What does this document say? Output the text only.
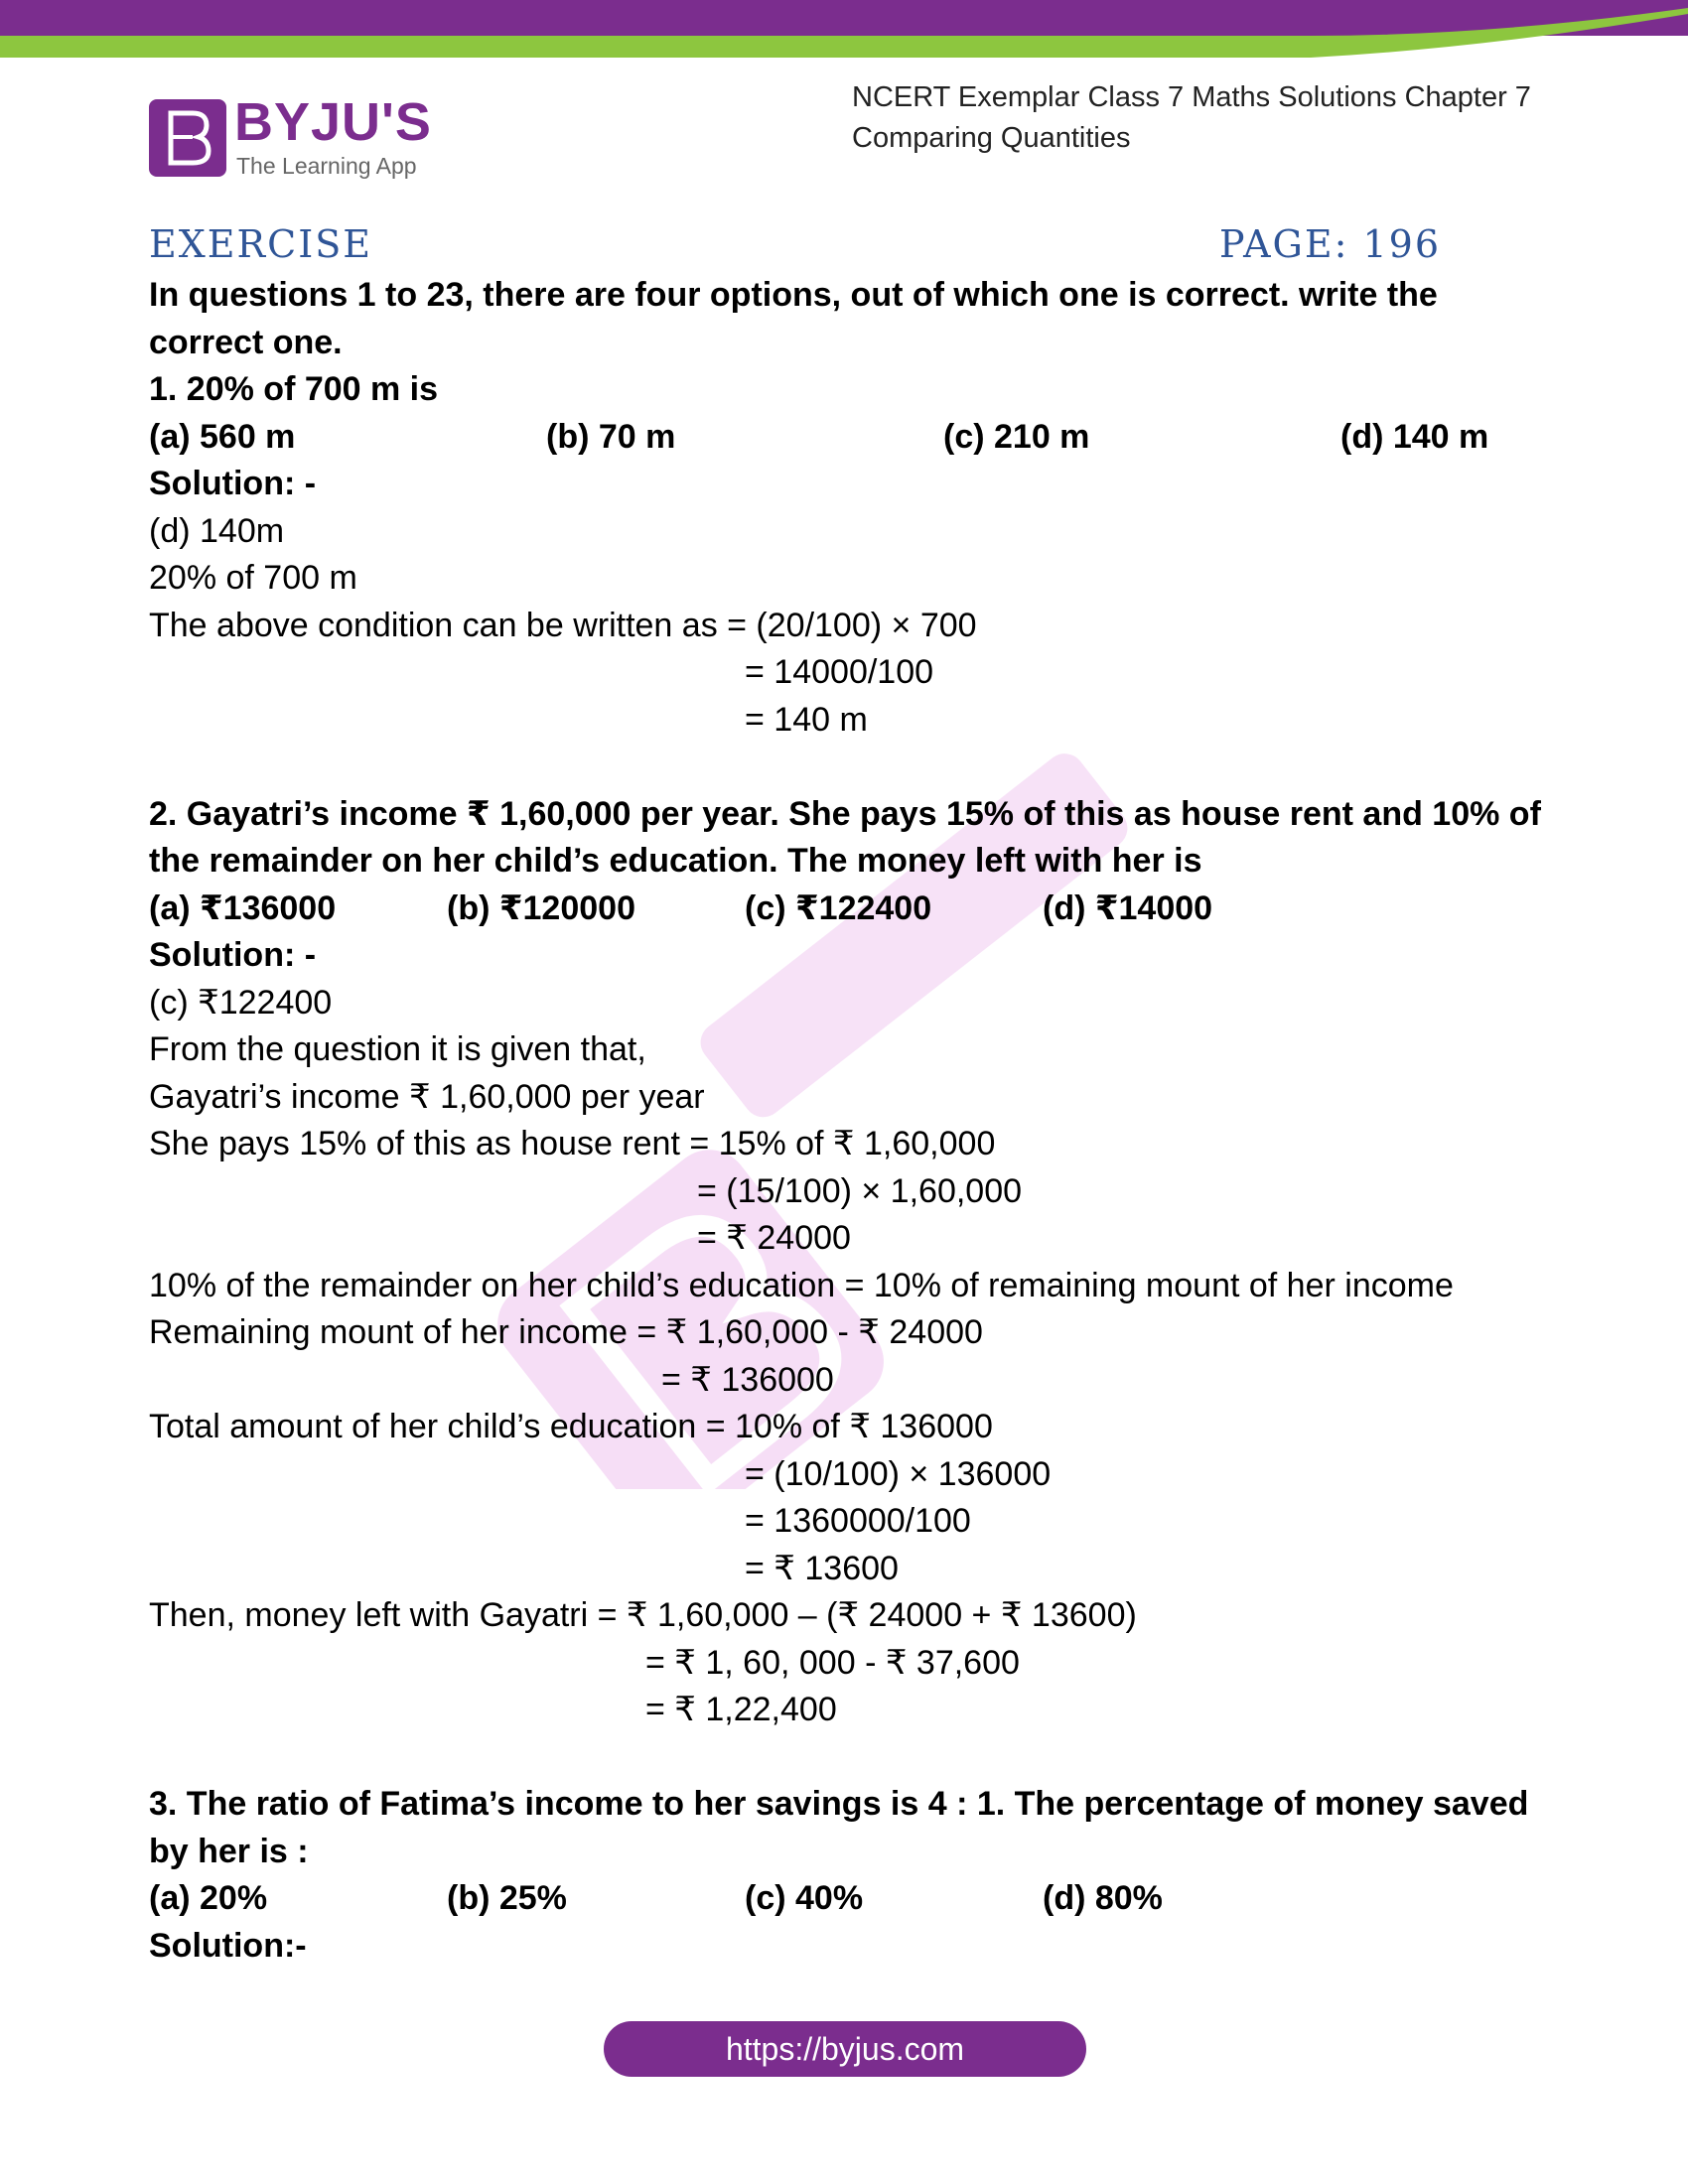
BYJU'S
The Learning App
NCERT Exemplar Class 7 Maths Solutions Chapter 7
Comparing Quantities
EXERCISE	PAGE: 196
In questions 1 to 23, there are four options, out of which one is correct. write the
correct one.
1. 20% of 700 m is
(a) 560 m	(b) 70 m	(c) 210 m	(d) 140 m
Solution: -
(d) 140m
20% of 700 m
The above condition can be written as = (20/100) × 700
= 14000/100
= 140 m
2. Gayatri’s income ₹ 1,60,000 per year. She pays 15% of this as house rent and 10% of
the remainder on her child’s education. The money left with her is
(a) ₹136000	(b) ₹120000	(c) ₹122400	(d) ₹14000
Solution: -
(c) ₹122400
From the question it is given that,
Gayatri’s income ₹ 1,60,000 per year
She pays 15% of this as house rent = 15% of ₹ 1,60,000
= (15/100) × 1,60,000
= ₹ 24000
10% of the remainder on her child’s education = 10% of remaining mount of her income
Remaining mount of her income = ₹ 1,60,000 - ₹ 24000
= ₹ 136000
Total amount of her child’s education = 10% of ₹ 136000
= (10/100) × 136000
= 1360000/100
= ₹ 13600
Then, money left with Gayatri = ₹ 1,60,000 – (₹ 24000 + ₹ 13600)
= ₹ 1, 60, 000 - ₹ 37,600
= ₹ 1,22,400
3. The ratio of Fatima’s income to her savings is 4 : 1. The percentage of money saved
by her is :
(a) 20%	(b) 25%	(c) 40%	(d) 80%
Solution:-
https://byjus.com
